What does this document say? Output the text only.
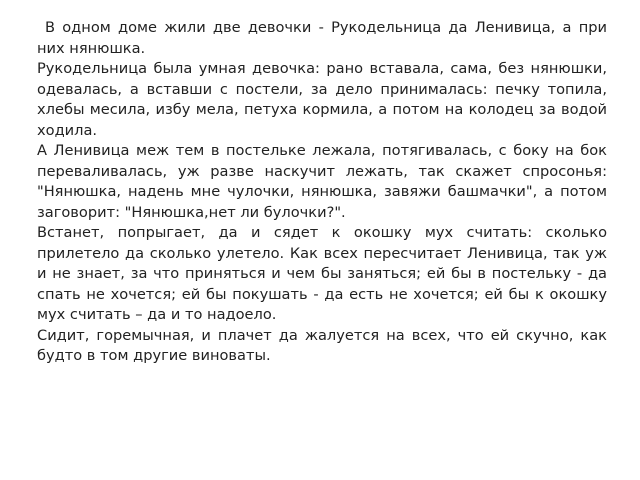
В одном доме жили две девочки - Рукодельница да Ленивица, а при них нянюшка.

Рукодельница была умная девочка: рано вставала, сама, без нянюшки, одевалась, а вставши с постели, за дело принималась: печку топила, хлебы месила, избу мела, петуха кормила, а потом на колодец за водой ходила.

А Ленивица меж тем в постельке лежала, потягивалась, с боку на бок переваливалась, уж разве наскучит лежать, так скажет спросонья: "Нянюшка, надень мне чулочки, нянюшка, завяжи башмачки", а потом заговорит: "Нянюшка,нет ли булочки?".

Встанет, попрыгает, да и сядет к окошку мух считать: сколько прилетело да сколько улетело. Как всех пересчитает Ленивица, так уж и не знает, за что приняться и чем бы заняться; ей бы в постельку - да спать не хочется; ей бы покушать - да есть не хочется; ей бы к окошку мух считать – да и то надоело.

Сидит, горемычная, и плачет да жалуется на всех, что ей скучно, как будто в том другие виноваты.
